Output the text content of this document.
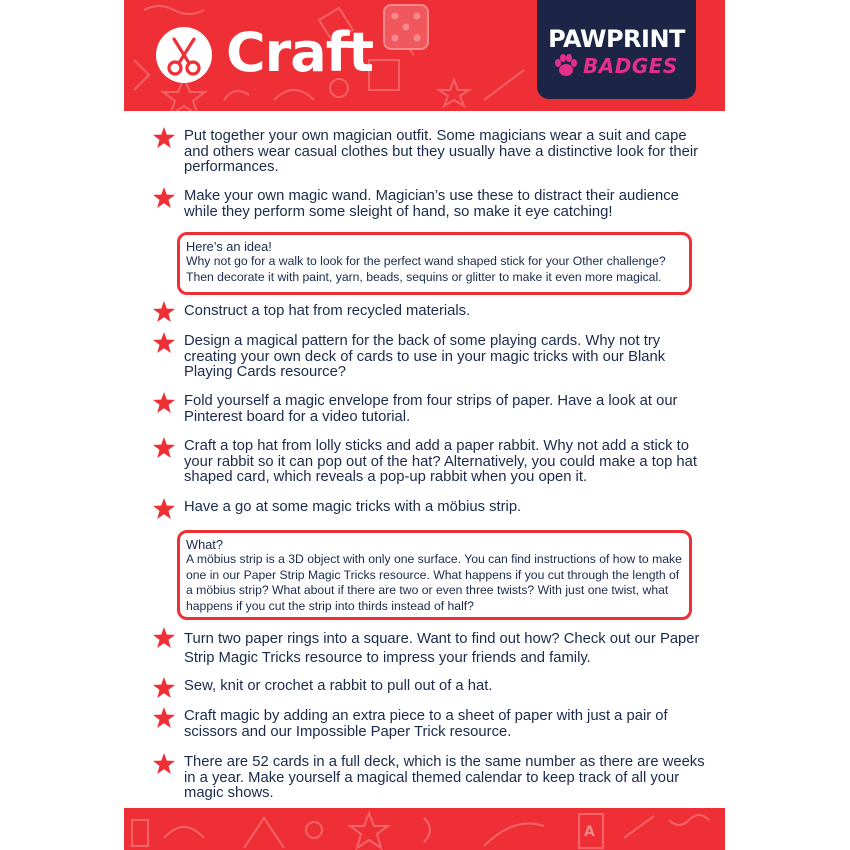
Craft	PAWPRINT
BADGES
Put together your own magician outfit. Some magicians wear a suit and cape and others wear casual clothes but they usually have a distinctive look for their performances.
Make your own magic wand. Magician’s use these to distract their audience while they perform some sleight of hand, so make it eye catching!
Here’s an idea!
Why not go for a walk to look for the perfect wand shaped stick for your Other challenge? Then decorate it with paint, yarn, beads, sequins or glitter to make it even more magical.
Construct a top hat from recycled materials.
Design a magical pattern for the back of some playing cards. Why not try creating your own deck of cards to use in your magic tricks with our Blank Playing Cards resource?
Fold yourself a magic envelope from four strips of paper. Have a look at our Pinterest board for a video tutorial.
Craft a top hat from lolly sticks and add a paper rabbit. Why not add a stick to your rabbit so it can pop out of the hat? Alternatively, you could make a top hat shaped card, which reveals a pop-up rabbit when you open it.
Have a go at some magic tricks with a möbius strip.
What?
A möbius strip is a 3D object with only one surface. You can find instructions of how to make one in our Paper Strip Magic Tricks resource. What happens if you cut through the length of a möbius strip? What about if there are two or even three twists? With just one twist, what happens if you cut the strip into thirds instead of half?
Turn two paper rings into a square. Want to find out how? Check out our Paper Strip Magic Tricks resource to impress your friends and family.
Sew, knit or crochet a rabbit to pull out of a hat.
Craft magic by adding an extra piece to a sheet of paper with just a pair of scissors and our Impossible Paper Trick resource.
There are 52 cards in a full deck, which is the same number as there are weeks in a year. Make yourself a magical themed calendar to keep track of all your magic shows.
A
